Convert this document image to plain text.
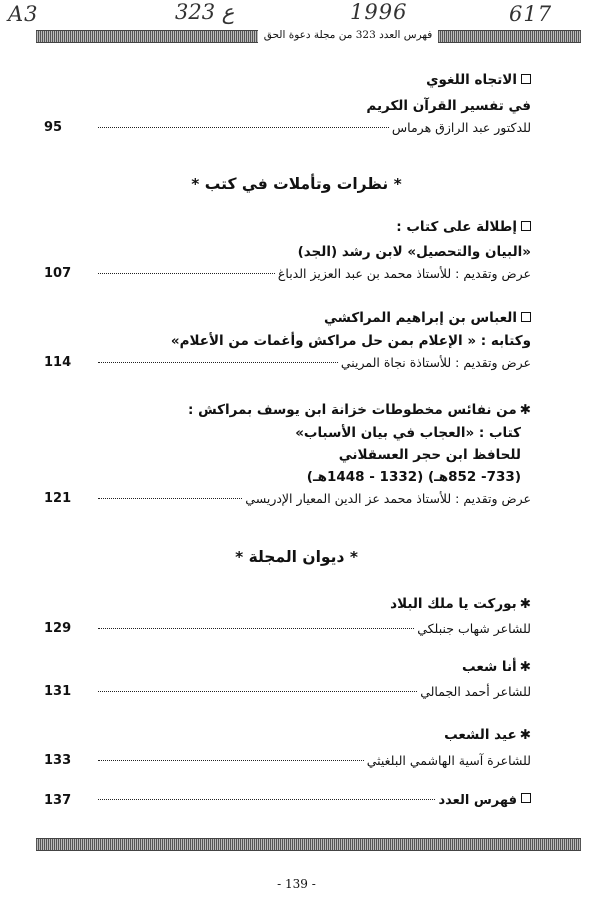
A3	323 ع	1996	617
فهرس العدد 323 من مجلة دعوة الحق
الاتجاه اللغوي
في تفسير القرآن الكريم
للدكتور عبد الرازق هرماس
95
* نظرات وتأملات في كتب *
إطلالة على كتاب :
«البيان والتحصيل» لابن رشد (الجد)
عرض وتقديم : للأستاذ محمد بن عبد العزيز الدباغ
107
العباس بن إبراهيم المراكشي
وكتابه : « الإعلام بمن حل مراكش وأغمات من الأعلام»
عرض وتقديم : للأستاذة نجاة المريني
114
✱من نفائس مخطوطات خزانة ابن يوسف بمراكش :
كتاب : «العجاب في بيان الأسباب»
للحافظ ابن حجر العسقلاني
(733- 852هـ) (1332 - 1448هـ)
عرض وتقديم : للأستاذ محمد عز الدين المعيار الإدريسي
121
* ديوان المجلة *
✱بوركت يا ملك البلاد
للشاعر شهاب جنبلكي
129
✱أنا شعب
للشاعر أحمد الجمالي
131
✱عيد الشعب
للشاعرة آسية الهاشمي البلغيثي
133
فهرس العدد
137
- 139 -
